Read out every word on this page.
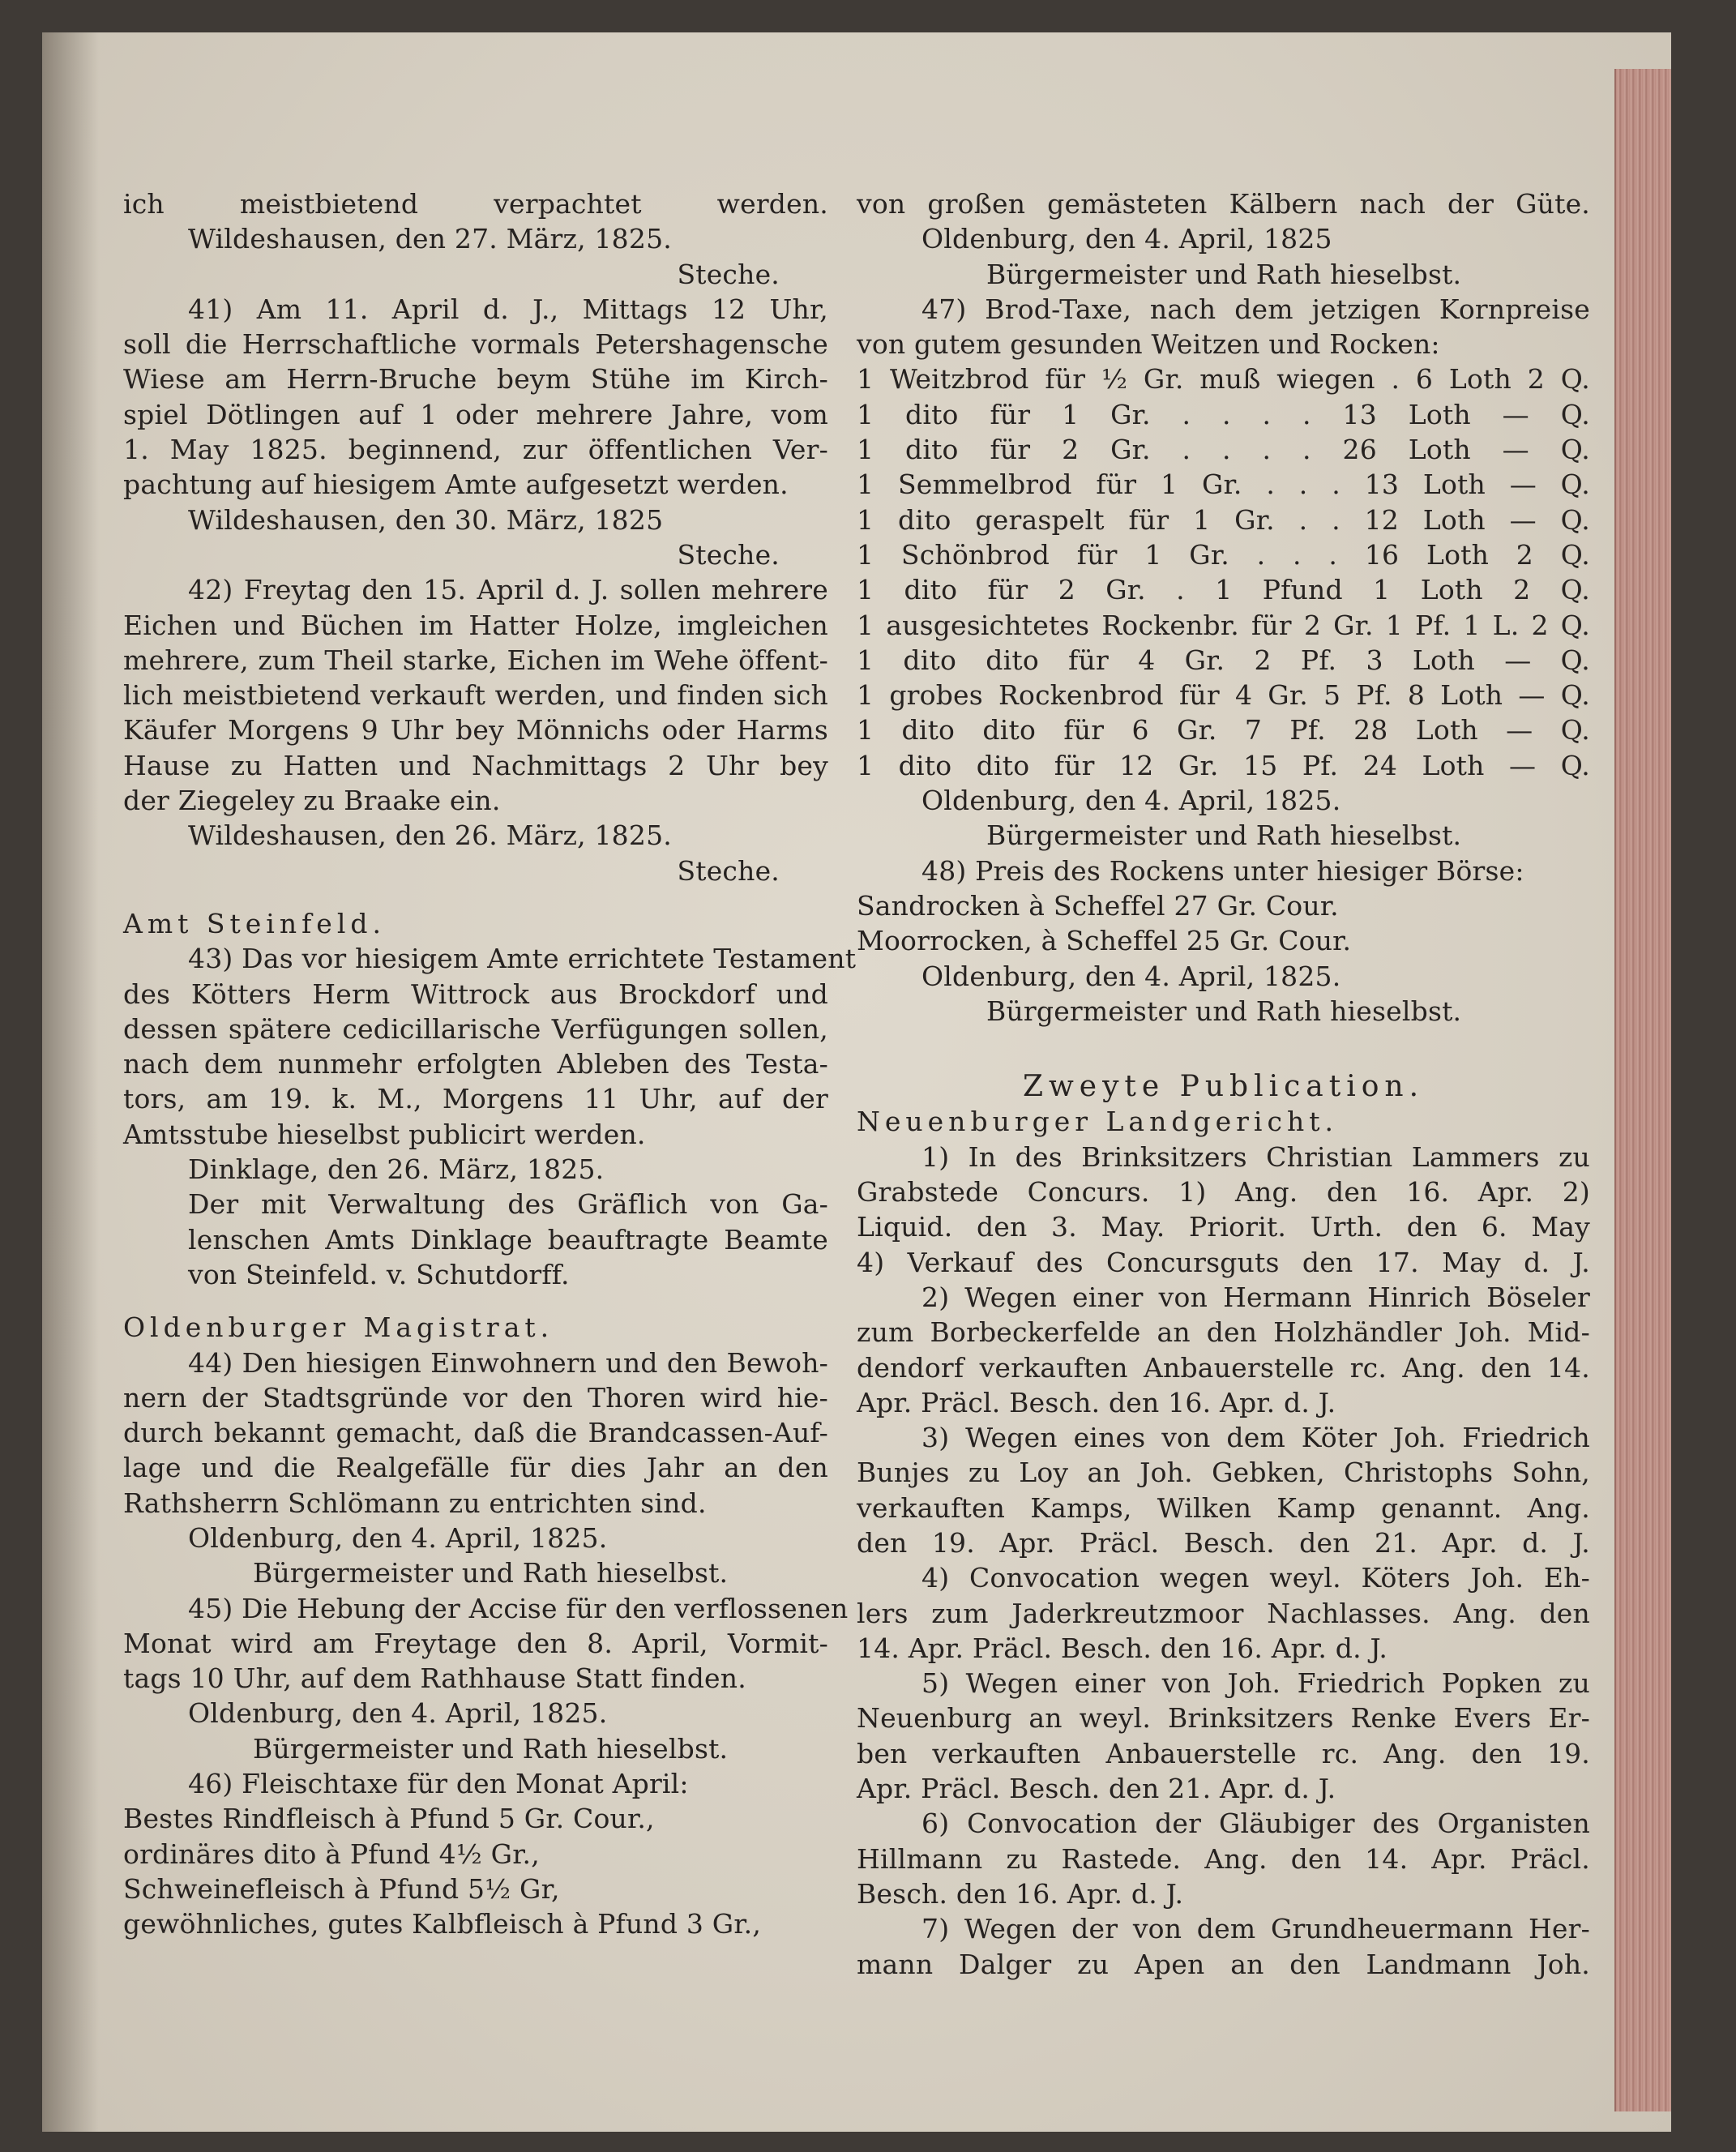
ich meistbietend verpachtet werden.
Wildeshausen, den 27. März, 1825.
Steche.
41) Am 11. April d. J., Mittags 12 Uhr,
soll die Herrschaftliche vormals Petershagensche
Wiese am Herrn-Bruche beym Stühe im Kirch-
spiel Dötlingen auf 1 oder mehrere Jahre, vom
1. May 1825. beginnend, zur öffentlichen Ver-
pachtung auf hiesigem Amte aufgesetzt werden.
Wildeshausen, den 30. März, 1825
Steche.
42) Freytag den 15. April d. J. sollen mehrere
Eichen und Büchen im Hatter Holze, imgleichen
mehrere, zum Theil starke, Eichen im Wehe öffent-
lich meistbietend verkauft werden, und finden sich
Käufer Morgens 9 Uhr bey Mönnichs oder Harms
Hause zu Hatten und Nachmittags 2 Uhr bey
der Ziegeley zu Braake ein.
Wildeshausen, den 26. März, 1825.
Steche.
Amt Steinfeld.
43) Das vor hiesigem Amte errichtete Testament
des Kötters Herm Wittrock aus Brockdorf und
dessen spätere cedicillarische Verfügungen sollen,
nach dem nunmehr erfolgten Ableben des Testa-
tors, am 19. k. M., Morgens 11 Uhr, auf der
Amtsstube hieselbst publicirt werden.
Dinklage, den 26. März, 1825.
Der mit Verwaltung des Gräflich von Ga-
lenschen Amts Dinklage beauftragte Beamte
von Steinfeld. v. Schutdorff.
Oldenburger Magistrat.
44) Den hiesigen Einwohnern und den Bewoh-
nern der Stadtsgründe vor den Thoren wird hie-
durch bekannt gemacht, daß die Brandcassen-Auf-
lage und die Realgefälle für dies Jahr an den
Rathsherrn Schlömann zu entrichten sind.
Oldenburg, den 4. April, 1825.
Bürgermeister und Rath hieselbst.
45) Die Hebung der Accise für den verflossenen
Monat wird am Freytage den 8. April, Vormit-
tags 10 Uhr, auf dem Rathhause Statt finden.
Oldenburg, den 4. April, 1825.
Bürgermeister und Rath hieselbst.
46) Fleischtaxe für den Monat April:
Bestes Rindfleisch à Pfund 5 Gr. Cour.,
ordinäres dito à Pfund 4½ Gr.,
Schweinefleisch à Pfund 5½ Gr,
gewöhnliches, gutes Kalbfleisch à Pfund 3 Gr.,
von großen gemästeten Kälbern nach der Güte.
Oldenburg, den 4. April, 1825
Bürgermeister und Rath hieselbst.
47) Brod-Taxe, nach dem jetzigen Kornpreise
von gutem gesunden Weitzen und Rocken:
1 Weitzbrod für ½ Gr. muß wiegen . 6 Loth 2 Q.
1 dito für 1 Gr. . . . . 13 Loth — Q.
1 dito für 2 Gr. . . . . 26 Loth — Q.
1 Semmelbrod für 1 Gr. . . . 13 Loth — Q.
1 dito geraspelt für 1 Gr. . . 12 Loth — Q.
1 Schönbrod für 1 Gr. . . . 16 Loth 2 Q.
1 dito für 2 Gr. . 1 Pfund 1 Loth 2 Q.
1 ausgesichtetes Rockenbr. für 2 Gr. 1 Pf. 1 L. 2 Q.
1 dito dito für 4 Gr. 2 Pf. 3 Loth — Q.
1 grobes Rockenbrod für 4 Gr. 5 Pf. 8 Loth — Q.
1 dito dito für 6 Gr. 7 Pf. 28 Loth — Q.
1 dito dito für 12 Gr. 15 Pf. 24 Loth — Q.
Oldenburg, den 4. April, 1825.
Bürgermeister und Rath hieselbst.
48) Preis des Rockens unter hiesiger Börse:
Sandrocken à Scheffel 27 Gr. Cour.
Moorrocken, à Scheffel 25 Gr. Cour.
Oldenburg, den 4. April, 1825.
Bürgermeister und Rath hieselbst.
Zweyte Publication.
Neuenburger Landgericht.
1) In des Brinksitzers Christian Lammers zu
Grabstede Concurs. 1) Ang. den 16. Apr. 2)
Liquid. den 3. May. Priorit. Urth. den 6. May
4) Verkauf des Concursguts den 17. May d. J.
2) Wegen einer von Hermann Hinrich Böseler
zum Borbeckerfelde an den Holzhändler Joh. Mid-
dendorf verkauften Anbauerstelle rc. Ang. den 14.
Apr. Präcl. Besch. den 16. Apr. d. J.
3) Wegen eines von dem Köter Joh. Friedrich
Bunjes zu Loy an Joh. Gebken, Christophs Sohn,
verkauften Kamps, Wilken Kamp genannt. Ang.
den 19. Apr. Präcl. Besch. den 21. Apr. d. J.
4) Convocation wegen weyl. Köters Joh. Eh-
lers zum Jaderkreutzmoor Nachlasses. Ang. den
14. Apr. Präcl. Besch. den 16. Apr. d. J.
5) Wegen einer von Joh. Friedrich Popken zu
Neuenburg an weyl. Brinksitzers Renke Evers Er-
ben verkauften Anbauerstelle rc. Ang. den 19.
Apr. Präcl. Besch. den 21. Apr. d. J.
6) Convocation der Gläubiger des Organisten
Hillmann zu Rastede. Ang. den 14. Apr. Präcl.
Besch. den 16. Apr. d. J.
7) Wegen der von dem Grundheuermann Her-
mann Dalger zu Apen an den Landmann Joh.
